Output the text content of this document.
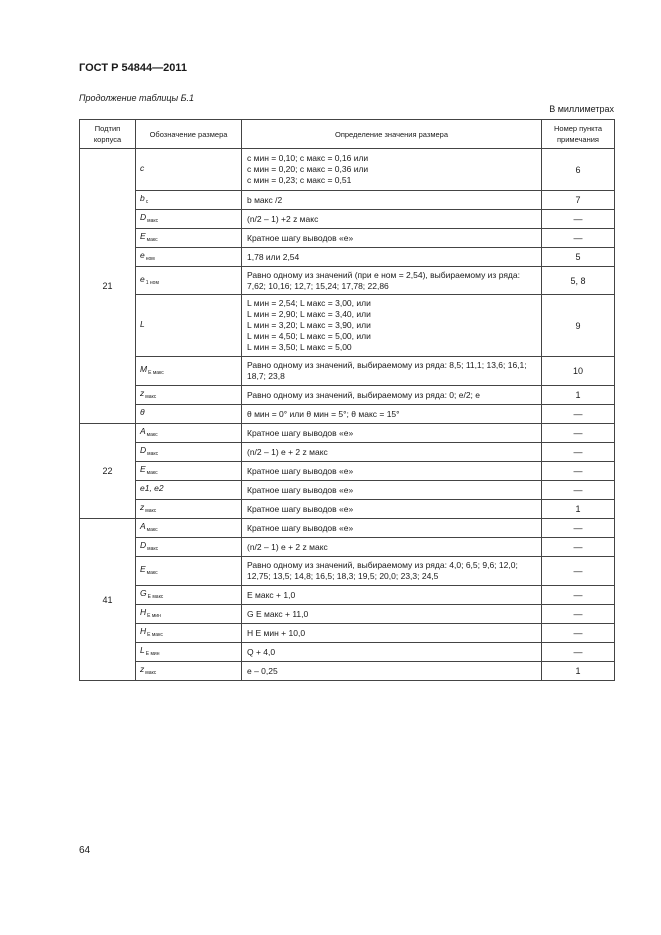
ГОСТ Р 54844—2011
Продолжение таблицы Б.1
В миллиметрах
Подтип корпуса	Обозначение размера	Определение значения размера	Номер пункта примечания
21	c	c мин = 0,10; c макс = 0,16 или
c мин = 0,20; c макс = 0,36 или
c мин = 0,23; c макс = 0,51	6
	$b_c$	b макс /2	7
	$D_{макс}$	(n/2 – 1) +2 z макс	—
	$E_{макс}$	Кратное шагу выводов «e»	—
	$e_{ном}$	1,78 или 2,54	5
	$e_{1 ном}$	Равно одному из значений (при e ном = 2,54), выбираемому из ряда: 7,62; 10,16; 12,7; 15,24; 17,78; 22,86	5, 8
	L	L мин = 2,54; L макс = 3,00, или
L мин = 2,90; L макс = 3,40, или
L мин = 3,20; L макс = 3,90, или
L мин = 4,50; L макс = 5,00, или
L мин = 3,50; L макс = 5,00	9
	$M_{E макс}$	Равно одному из значений, выбираемому из ряда: 8,5; 11,1; 13,6; 16,1; 18,7; 23,8	10
	$z_{макс}$	Равно одному из значений, выбираемому из ряда: 0; e/2; e	1
	θ	θ мин = 0° или θ мин = 5°; θ макс = 15°	—
22	$A_{макс}$	Кратное шагу выводов «e»	—
	$D_{макс}$	(n/2 – 1) e + 2 z макс	—
	$E_{макс}$	Кратное шагу выводов «e»	—
	e1, e2	Кратное шагу выводов «e»	—
	$z_{макс}$	Кратное шагу выводов «e»	1
41	$A_{макс}$	Кратное шагу выводов «e»	—
	$D_{макс}$	(n/2 – 1) e + 2 z макс	—
	$E_{макс}$	Равно одному из значений, выбираемому из ряда: 4,0; 6,5; 9,6; 12,0; 12,75; 13,5; 14,8; 16,5; 18,3; 19,5; 20,0; 23,3; 24,5	—
	$G_{E макс}$	E макс + 1,0	—
	$H_{E мин}$	G E макс + 11,0	—
	$H_{E макс}$	H E мин + 10,0	—
	$L_{E мин}$	Q + 4,0	—
	$z_{макс}$	e – 0,25	1
64
